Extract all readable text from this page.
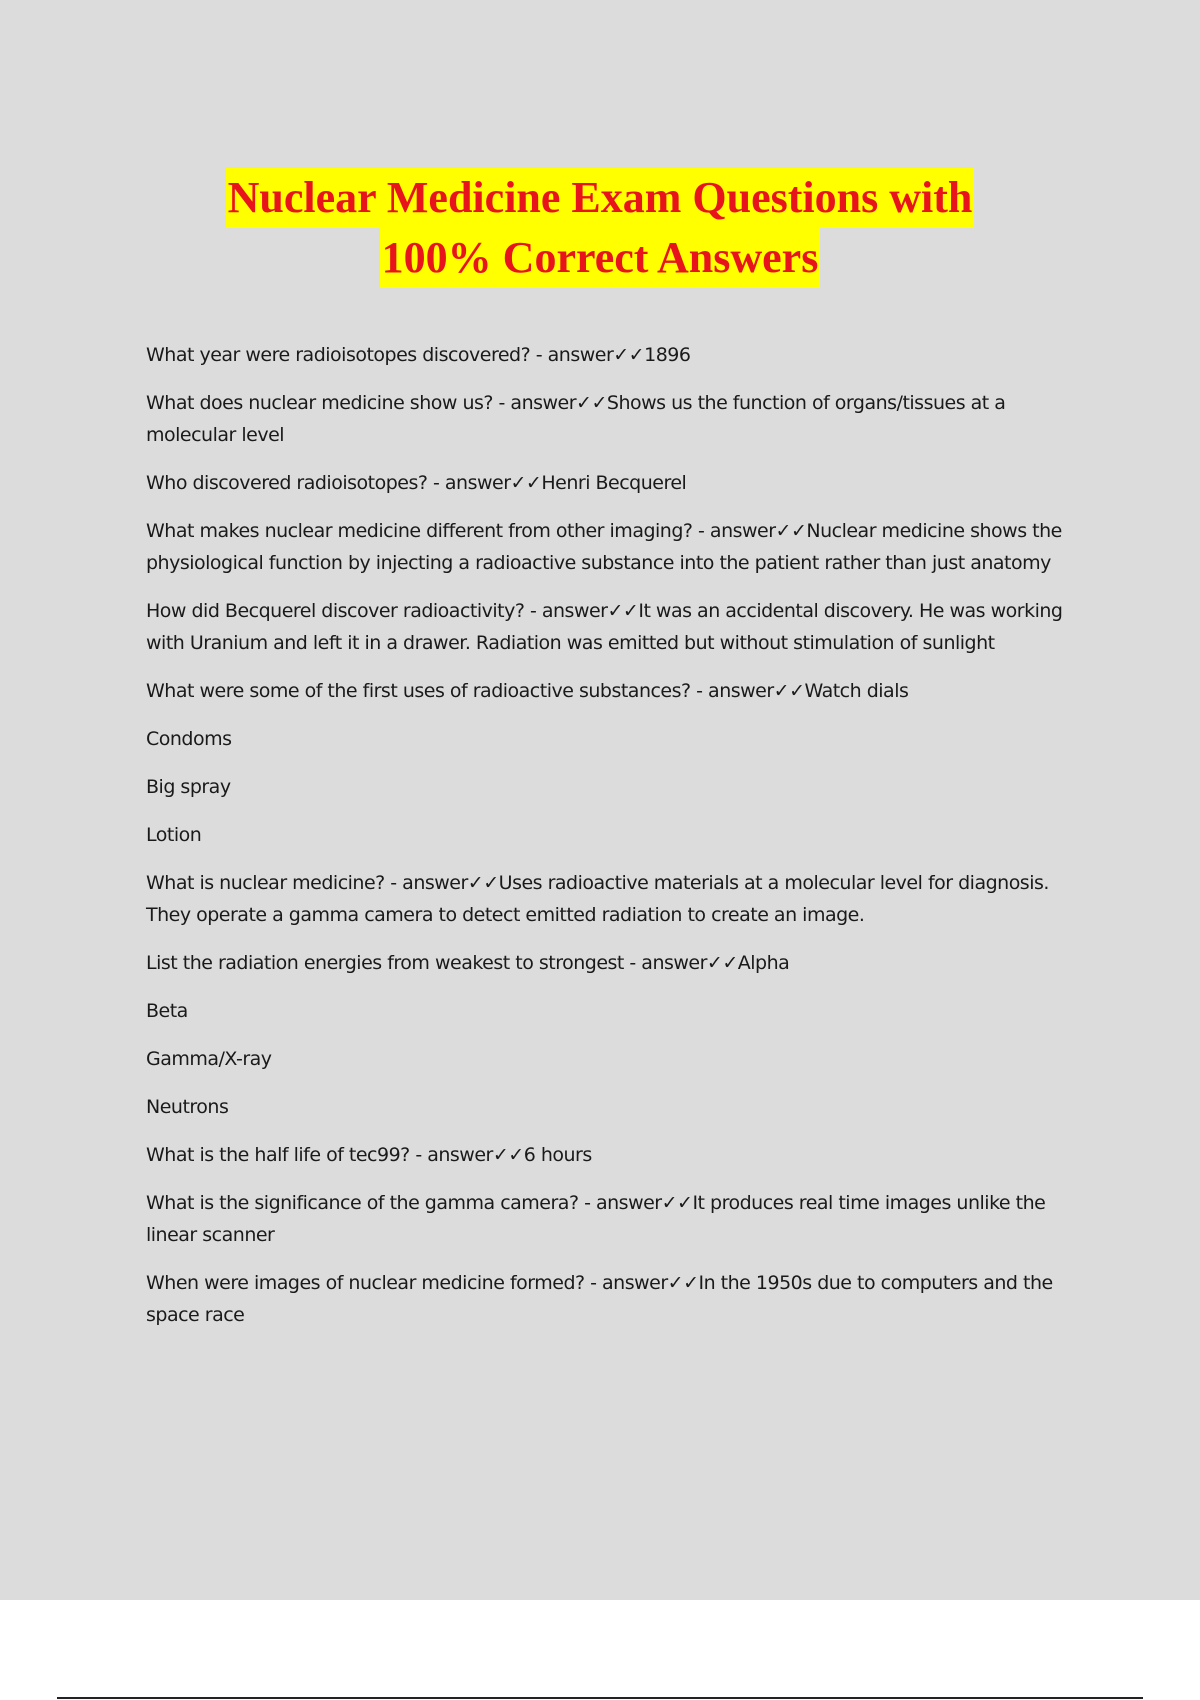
Nuclear Medicine Exam Questions with
100% Correct Answers

What year were radioisotopes discovered? - answer✓✓1896

What does nuclear medicine show us? - answer✓✓Shows us the function of organs/tissues at a molecular level

Who discovered radioisotopes? - answer✓✓Henri Becquerel

What makes nuclear medicine different from other imaging? - answer✓✓Nuclear medicine shows the physiological function by injecting a radioactive substance into the patient rather than just anatomy

How did Becquerel discover radioactivity? - answer✓✓It was an accidental discovery. He was working with Uranium and left it in a drawer. Radiation was emitted but without stimulation of sunlight

What were some of the first uses of radioactive substances? - answer✓✓Watch dials

Condoms

Big spray

Lotion

What is nuclear medicine? - answer✓✓Uses radioactive materials at a molecular level for diagnosis. They operate a gamma camera to detect emitted radiation to create an image.

List the radiation energies from weakest to strongest - answer✓✓Alpha

Beta

Gamma/X-ray

Neutrons

What is the half life of tec99? - answer✓✓6 hours

What is the significance of the gamma camera? - answer✓✓It produces real time images unlike the linear scanner

When were images of nuclear medicine formed? - answer✓✓In the 1950s due to computers and the space race
